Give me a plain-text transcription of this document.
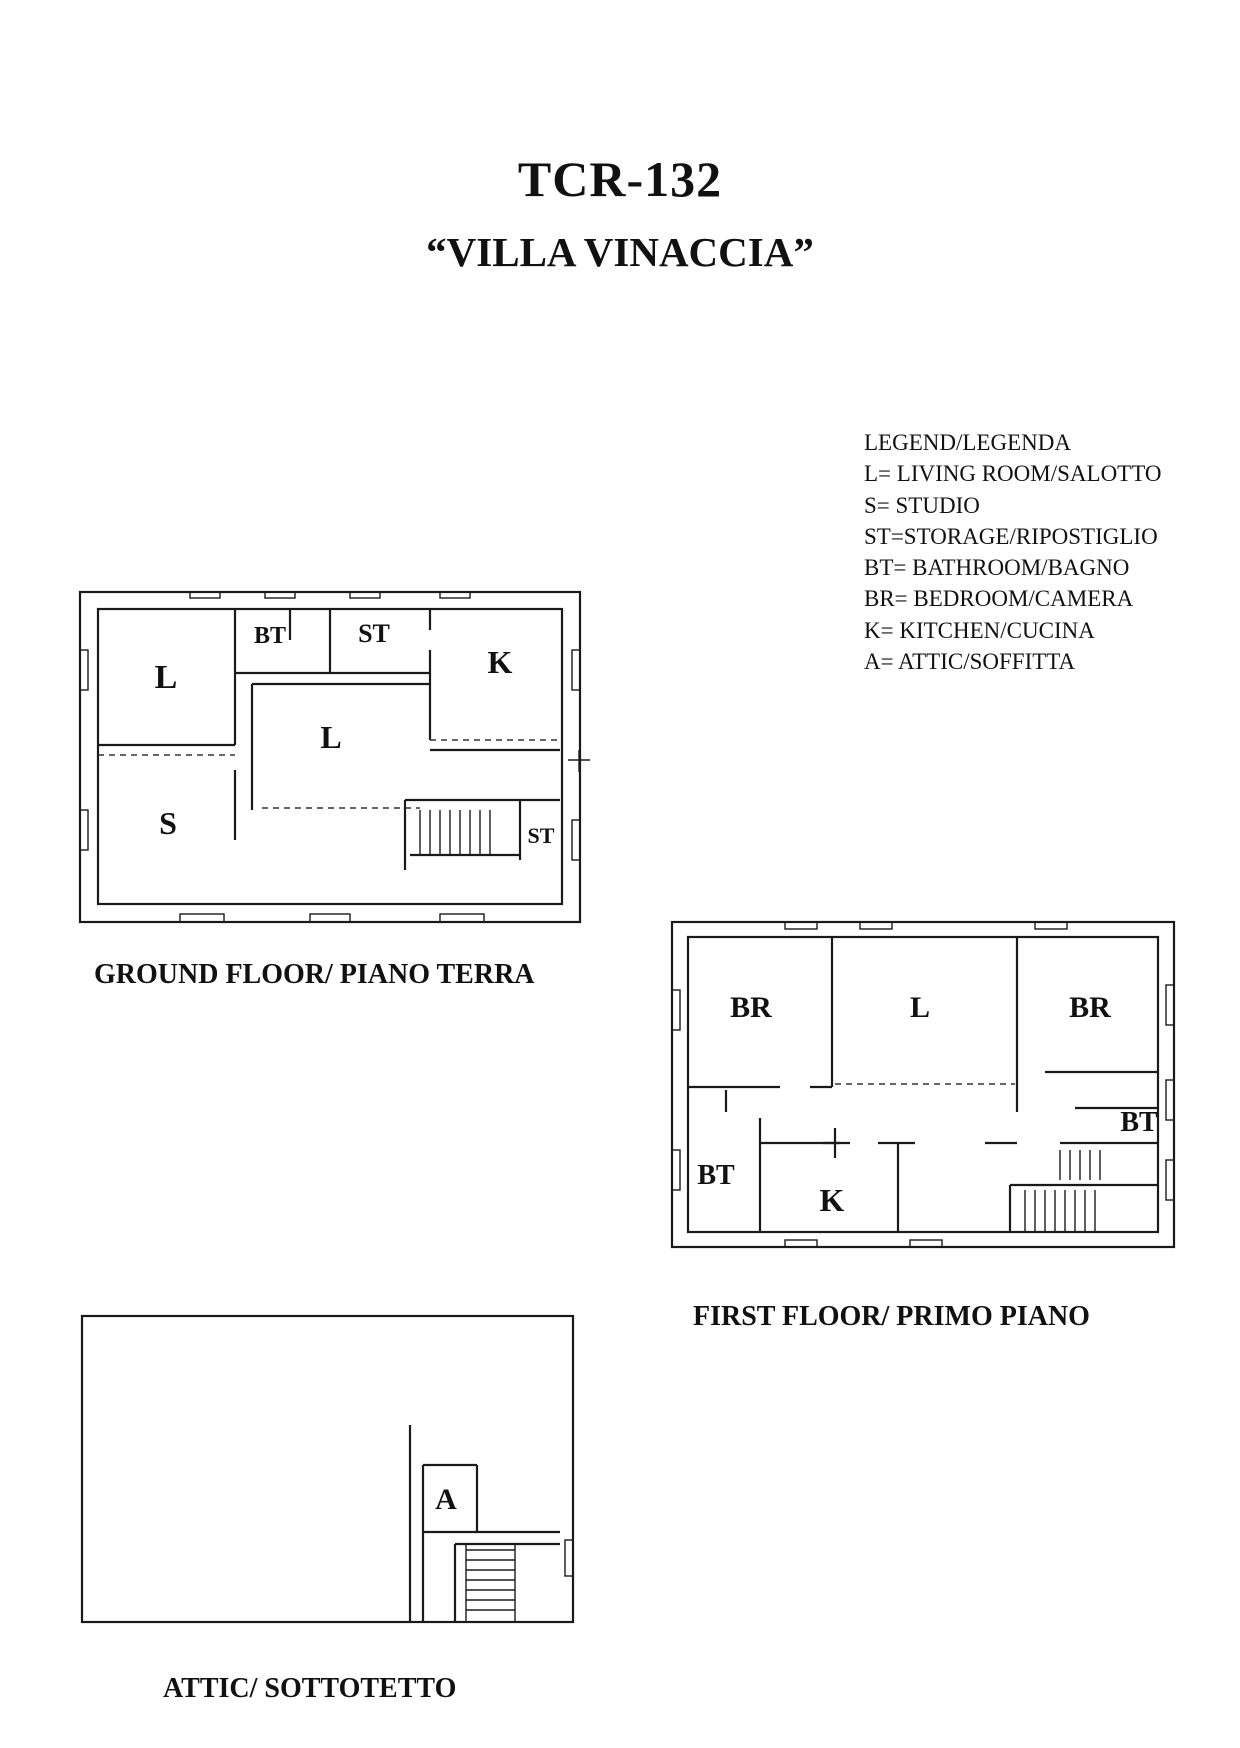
TCR-132
“VILLA VINACCIA”
LEGEND/LEGENDA
L= LIVING ROOM/SALOTTO
S= STUDIO
ST=STORAGE/RIPOSTIGLIO
BT= BATHROOM/BAGNO
BR= BEDROOM/CAMERA
K= KITCHEN/CUCINA
A= ATTIC/SOFFITTA
L
BT	ST
K
L
S	ST
BR	L	BR
BT
BT
K
A
GROUND FLOOR/ PIANO TERRA
FIRST FLOOR/ PRIMO PIANO
ATTIC/ SOTTOTETTO
